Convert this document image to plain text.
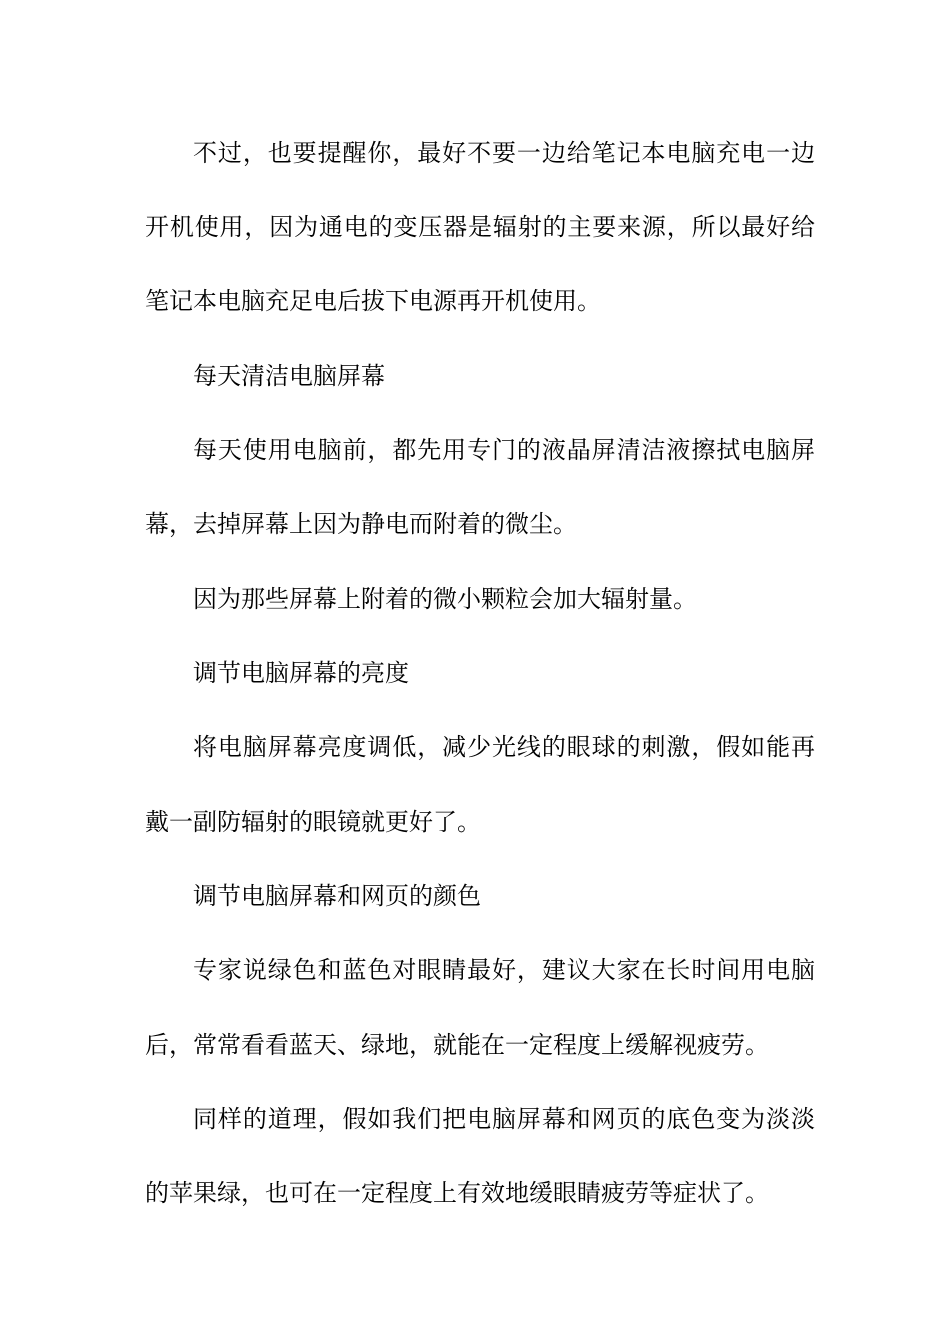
不过，也要提醒你，最好不要一边给笔记本电脑充电一边
开机使用，因为通电的变压器是辐射的主要来源，所以最好给
笔记本电脑充足电后拔下电源再开机使用。
每天清洁电脑屏幕
每天使用电脑前，都先用专门的液晶屏清洁液擦拭电脑屏
幕，去掉屏幕上因为静电而附着的微尘。
因为那些屏幕上附着的微小颗粒会加大辐射量。
调节电脑屏幕的亮度
将电脑屏幕亮度调低，减少光线的眼球的刺激，假如能再
戴一副防辐射的眼镜就更好了。
调节电脑屏幕和网页的颜色
专家说绿色和蓝色对眼睛最好，建议大家在长时间用电脑
后，常常看看蓝天、绿地，就能在一定程度上缓解视疲劳。
同样的道理，假如我们把电脑屏幕和网页的底色变为淡淡
的苹果绿，也可在一定程度上有效地缓眼睛疲劳等症状了。
